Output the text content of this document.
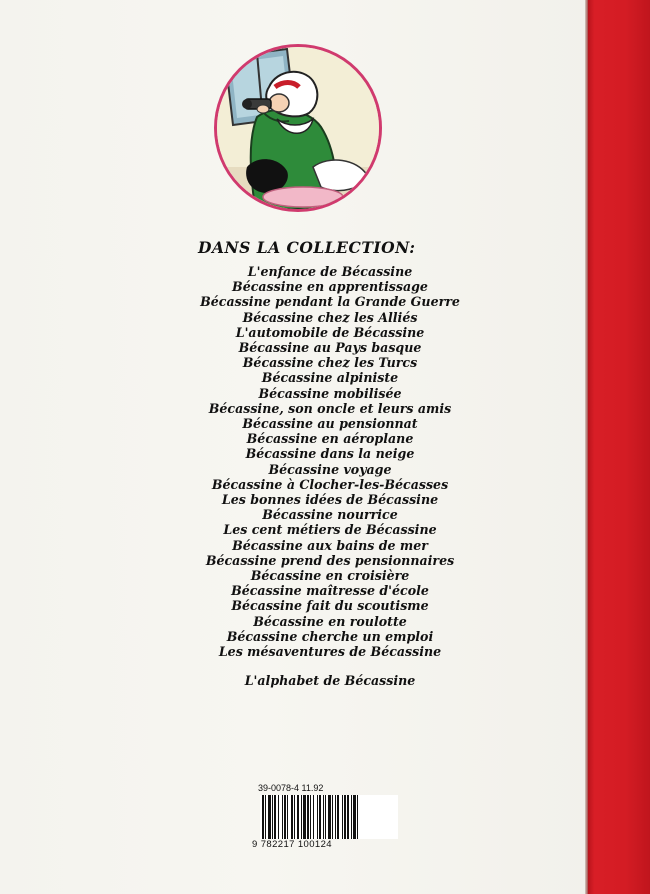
DANS LA COLLECTION:
L'enfance de Bécassine
Bécassine en apprentissage
Bécassine pendant la Grande Guerre
Bécassine chez les Alliés
L'automobile de Bécassine
Bécassine au Pays basque
Bécassine chez les Turcs
Bécassine alpiniste
Bécassine mobilisée
Bécassine, son oncle et leurs amis
Bécassine au pensionnat
Bécassine en aéroplane
Bécassine dans la neige
Bécassine voyage
Bécassine à Clocher-les-Bécasses
Les bonnes idées de Bécassine
Bécassine nourrice
Les cent métiers de Bécassine
Bécassine aux bains de mer
Bécassine prend des pensionnaires
Bécassine en croisière
Bécassine maîtresse d'école
Bécassine fait du scoutisme
Bécassine en roulotte
Bécassine cherche un emploi
Les mésaventures de Bécassine
L'alphabet de Bécassine
39-0078-4 11.92
9 782217 100124
